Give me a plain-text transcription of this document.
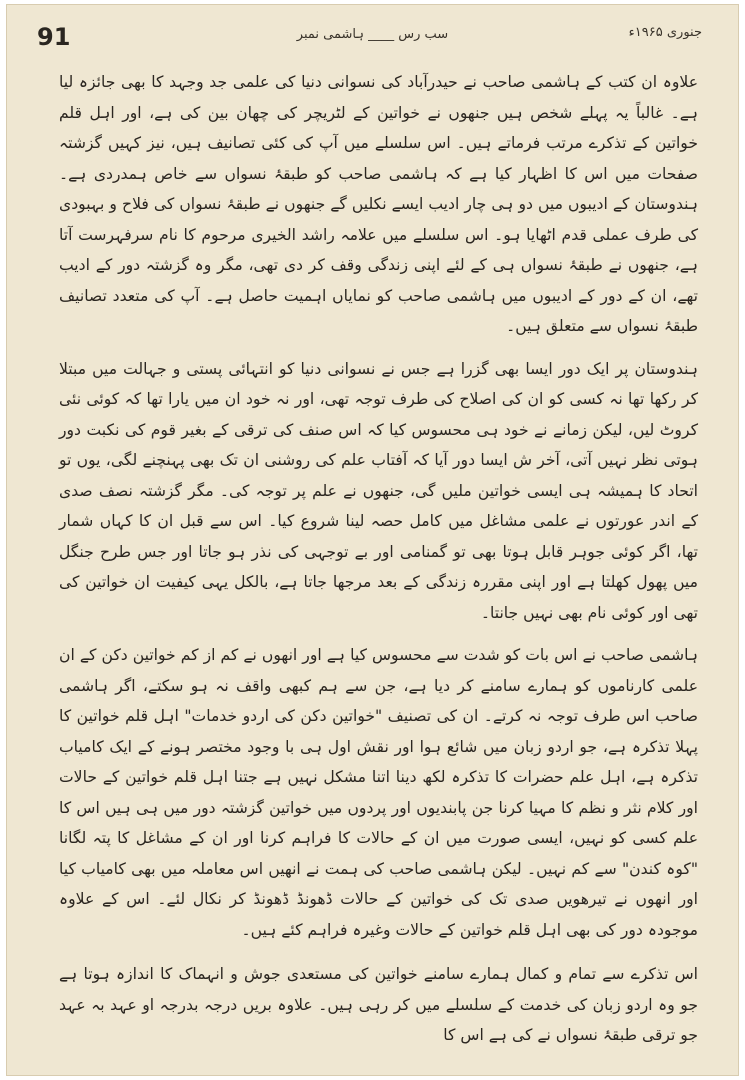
91	سب رس ____ ہاشمی نمبر	جنوری ۱۹۶۵ء

علاوہ ان کتب کے ہاشمی صاحب نے حیدرآباد کی نسوانی دنیا کی علمی جد وجہد کا بھی جائزہ لیا ہے۔ غالباً یہ پہلے شخص ہیں جنھوں نے خواتین کے لٹریچر کی چھان بین کی ہے، اور اہل قلم خواتین کے تذکرے مرتب فرماتے ہیں۔ اس سلسلے میں آپ کی کئی تصانیف ہیں، نیز کہیں گزشتہ صفحات میں اس کا اظہار کیا ہے کہ ہاشمی صاحب کو طبقۂ نسواں سے خاص ہمدردی ہے۔ ہندوستان کے ادیبوں میں دو ہی چار ادیب ایسے نکلیں گے جنھوں نے طبقۂ نسواں کی فلاح و بہبودی کی طرف عملی قدم اٹھایا ہو۔ اس سلسلے میں علامہ راشد الخیری مرحوم کا نام سرفہرست آتا ہے، جنھوں نے طبقۂ نسواں ہی کے لئے اپنی زندگی وقف کر دی تھی، مگر وہ گزشتہ دور کے ادیب تھے، ان کے دور کے ادیبوں میں ہاشمی صاحب کو نمایاں اہمیت حاصل ہے۔ آپ کی متعدد تصانیف طبقۂ نسواں سے متعلق ہیں۔

ہندوستان پر ایک دور ایسا بھی گزرا ہے جس نے نسوانی دنیا کو انتہائی پستی و جہالت میں مبتلا کر رکھا تھا نہ کسی کو ان کی اصلاح کی طرف توجہ تھی، اور نہ خود ان میں یارا تھا کہ کوئی نئی کروٹ لیں، لیکن زمانے نے خود ہی محسوس کیا کہ اس صنف کی ترقی کے بغیر قوم کی نکبت دور ہوتی نظر نہیں آتی، آخر ش ایسا دور آیا کہ آفتاب علم کی روشنی ان تک بھی پہنچنے لگی، یوں تو اتحاد کا ہمیشہ ہی ایسی خواتین ملیں گی، جنھوں نے علم پر توجہ کی۔ مگر گزشتہ نصف صدی کے اندر عورتوں نے علمی مشاغل میں کامل حصہ لینا شروع کیا۔ اس سے قبل ان کا کہاں شمار تھا، اگر کوئی جوہر قابل ہوتا بھی تو گمنامی اور بے توجہی کی نذر ہو جاتا اور جس طرح جنگل میں پھول کھلتا ہے اور اپنی مقررہ زندگی کے بعد مرجھا جاتا ہے، بالکل یہی کیفیت ان خواتین کی تھی اور کوئی نام بھی نہیں جانتا۔

ہاشمی صاحب نے اس بات کو شدت سے محسوس کیا ہے اور انھوں نے کم از کم خواتین دکن کے ان علمی کارناموں کو ہمارے سامنے کر دیا ہے، جن سے ہم کبھی واقف نہ ہو سکتے، اگر ہاشمی صاحب اس طرف توجہ نہ کرتے۔ ان کی تصنیف "خواتین دکن کی اردو خدمات" اہل قلم خواتین کا پہلا تذکرہ ہے، جو اردو زبان میں شائع ہوا اور نقش اول ہی با وجود مختصر ہونے کے ایک کامیاب تذکرہ ہے، اہل علم حضرات کا تذکرہ لکھ دینا اتنا مشکل نہیں ہے جتنا اہل قلم خواتین کے حالات اور کلام نثر و نظم کا مہیا کرنا جن پابندیوں اور پردوں میں خواتین گزشتہ دور میں ہی ہیں اس کا علم کسی کو نہیں، ایسی صورت میں ان کے حالات کا فراہم کرنا اور ان کے مشاغل کا پتہ لگانا "کوہ کندن" سے کم نہیں۔ لیکن ہاشمی صاحب کی ہمت نے انھیں اس معاملہ میں بھی کامیاب کیا اور انھوں نے تیرھویں صدی تک کی خواتین کے حالات ڈھونڈ ڈھونڈ کر نکال لئے۔ اس کے علاوہ موجودہ دور کی بھی اہل قلم خواتین کے حالات وغیرہ فراہم کئے ہیں۔

اس تذکرے سے تمام و کمال ہمارے سامنے خواتین کی مستعدی جوش و انہماک کا اندازہ ہوتا ہے جو وہ اردو زبان کی خدمت کے سلسلے میں کر رہی ہیں۔ علاوہ بریں درجہ بدرجہ او عہد بہ عہد جو ترقی طبقۂ نسواں نے کی ہے اس کا
